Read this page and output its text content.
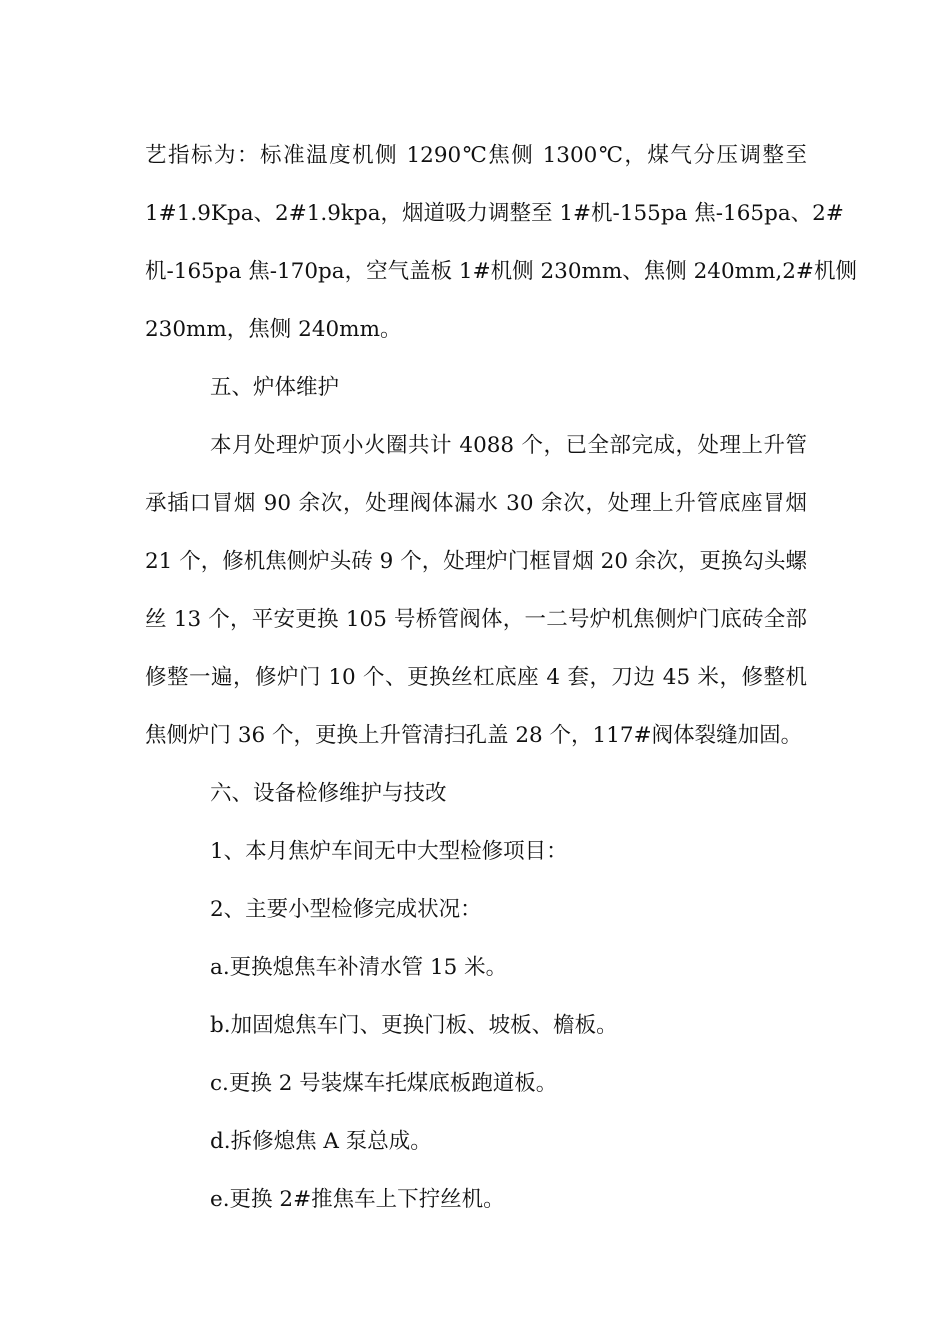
艺指标为：标准温度机侧 1290℃焦侧 1300℃，煤气分压调整至
1#1.9Kpa、2#1.9kpa，烟道吸力调整至 1#机-155pa 焦-165pa、2#
机-165pa 焦-170pa，空气盖板 1#机侧 230mm、焦侧 240mm,2#机侧
230mm，焦侧 240mm。
五、炉体维护
本月处理炉顶小火圈共计 4088 个，已全部完成，处理上升管
承插口冒烟 90 余次，处理阀体漏水 30 余次，处理上升管底座冒烟
21 个，修机焦侧炉头砖 9 个，处理炉门框冒烟 20 余次，更换勾头螺
丝 13 个，平安更换 105 号桥管阀体，一二号炉机焦侧炉门底砖全部
修整一遍，修炉门 10 个、更换丝杠底座 4 套，刀边 45 米，修整机
焦侧炉门 36 个，更换上升管清扫孔盖 28 个，117#阀体裂缝加固。
六、设备检修维护与技改
1、本月焦炉车间无中大型检修项目：
2、主要小型检修完成状况：
a.更换熄焦车补清水管 15 米。
b.加固熄焦车门、更换门板、坡板、檐板。
c.更换 2 号装煤车托煤底板跑道板。
d.拆修熄焦 A 泵总成。
e.更换 2#推焦车上下拧丝机。
